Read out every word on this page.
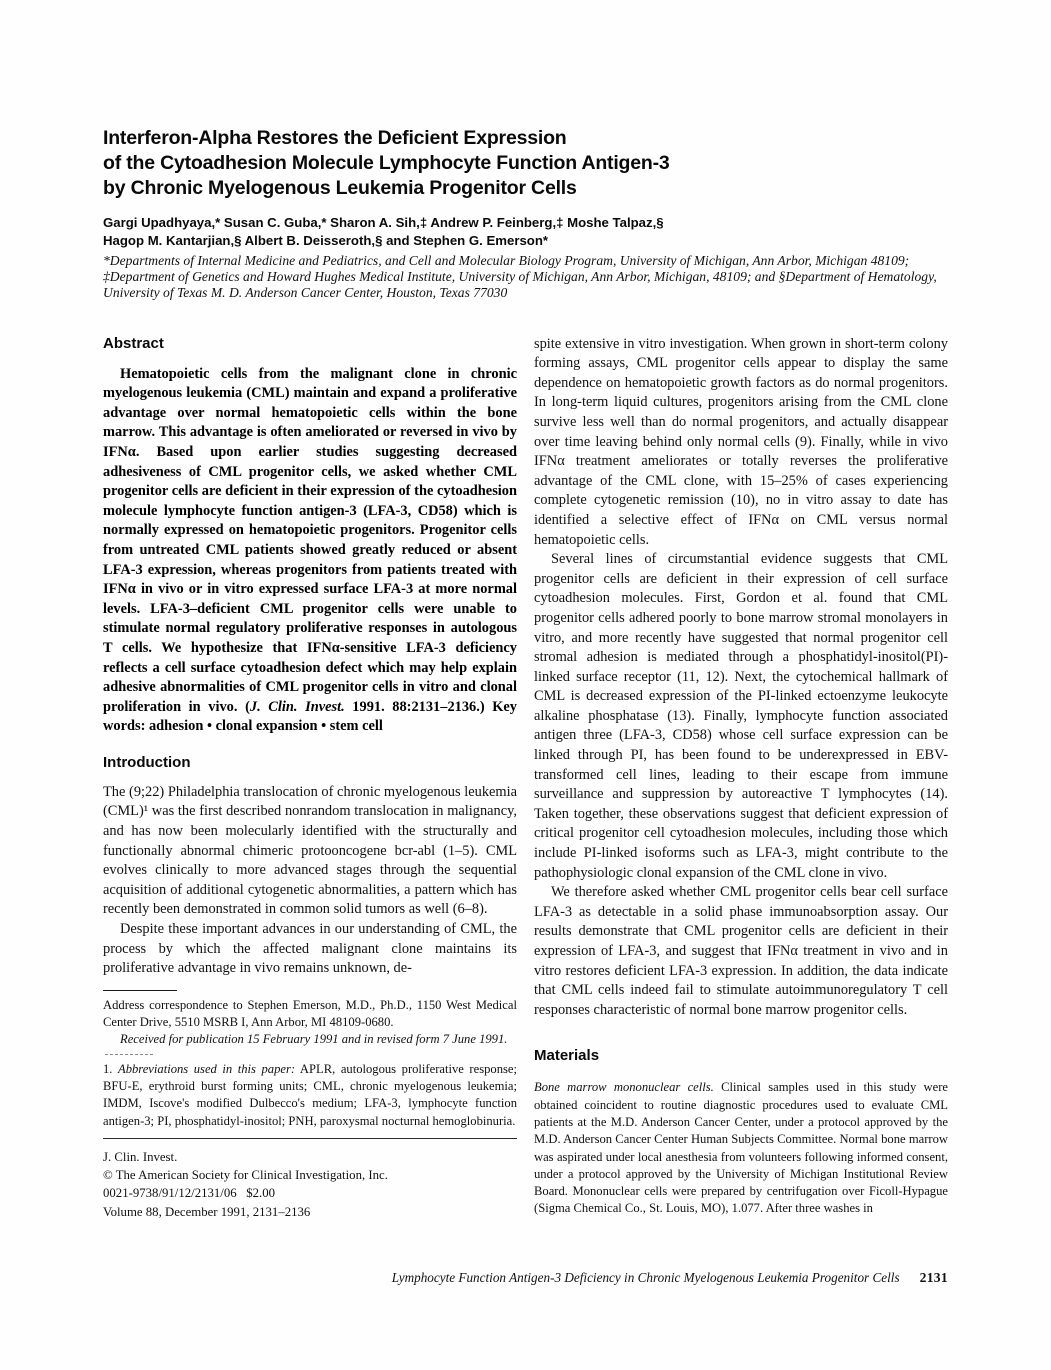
Interferon-Alpha Restores the Deficient Expression
of the Cytoadhesion Molecule Lymphocyte Function Antigen-3
by Chronic Myelogenous Leukemia Progenitor Cells
Gargi Upadhyaya,* Susan C. Guba,* Sharon A. Sih,‡ Andrew P. Feinberg,‡ Moshe Talpaz,§
Hagop M. Kantarjian,§ Albert B. Deisseroth,§ and Stephen G. Emerson*
*Departments of Internal Medicine and Pediatrics, and Cell and Molecular Biology Program, University of Michigan, Ann Arbor, Michigan 48109; ‡Department of Genetics and Howard Hughes Medical Institute, University of Michigan, Ann Arbor, Michigan, 48109; and §Department of Hematology, University of Texas M. D. Anderson Cancer Center, Houston, Texas 77030
Abstract

Hematopoietic cells from the malignant clone in chronic myelogenous leukemia (CML) maintain and expand a proliferative advantage over normal hematopoietic cells within the bone marrow. This advantage is often ameliorated or reversed in vivo by IFNα. Based upon earlier studies suggesting decreased adhesiveness of CML progenitor cells, we asked whether CML progenitor cells are deficient in their expression of the cytoadhesion molecule lymphocyte function antigen-3 (LFA-3, CD58) which is normally expressed on hematopoietic progenitors. Progenitor cells from untreated CML patients showed greatly reduced or absent LFA-3 expression, whereas progenitors from patients treated with IFNα in vivo or in vitro expressed surface LFA-3 at more normal levels. LFA-3–deficient CML progenitor cells were unable to stimulate normal regulatory proliferative responses in autologous T cells. We hypothesize that IFNα-sensitive LFA-3 deficiency reflects a cell surface cytoadhesion defect which may help explain adhesive abnormalities of CML progenitor cells in vitro and clonal proliferation in vivo. (J. Clin. Invest. 1991. 88:2131–2136.) Key words: adhesion • clonal expansion • stem cell

Introduction

The (9;22) Philadelphia translocation of chronic myelogenous leukemia (CML)¹ was the first described nonrandom translocation in malignancy, and has now been molecularly identified with the structurally and functionally abnormal chimeric protooncogene bcr-abl (1–5). CML evolves clinically to more advanced stages through the sequential acquisition of additional cytogenetic abnormalities, a pattern which has recently been demonstrated in common solid tumors as well (6–8).

Despite these important advances in our understanding of CML, the process by which the affected malignant clone maintains its proliferative advantage in vivo remains unknown, de-

Address correspondence to Stephen Emerson, M.D., Ph.D., 1150 West Medical Center Drive, 5510 MSRB I, Ann Arbor, MI 48109-0680.

Received for publication 15 February 1991 and in revised form 7 June 1991.

1. Abbreviations used in this paper: APLR, autologous proliferative response; BFU-E, erythroid burst forming units; CML, chronic myelogenous leukemia; IMDM, Iscove's modified Dulbecco's medium; LFA-3, lymphocyte function antigen-3; PI, phosphatidyl-inositol; PNH, paroxysmal nocturnal hemoglobinuria.

J. Clin. Invest.
© The American Society for Clinical Investigation, Inc.
0021-9738/91/12/2131/06   $2.00
Volume 88, December 1991, 2131–2136

spite extensive in vitro investigation. When grown in short-term colony forming assays, CML progenitor cells appear to display the same dependence on hematopoietic growth factors as do normal progenitors. In long-term liquid cultures, progenitors arising from the CML clone survive less well than do normal progenitors, and actually disappear over time leaving behind only normal cells (9). Finally, while in vivo IFNα treatment ameliorates or totally reverses the proliferative advantage of the CML clone, with 15–25% of cases experiencing complete cytogenetic remission (10), no in vitro assay to date has identified a selective effect of IFNα on CML versus normal hematopoietic cells.

Several lines of circumstantial evidence suggests that CML progenitor cells are deficient in their expression of cell surface cytoadhesion molecules. First, Gordon et al. found that CML progenitor cells adhered poorly to bone marrow stromal monolayers in vitro, and more recently have suggested that normal progenitor cell stromal adhesion is mediated through a phosphatidyl-inositol(PI)-linked surface receptor (11, 12). Next, the cytochemical hallmark of CML is decreased expression of the PI-linked ectoenzyme leukocyte alkaline phosphatase (13). Finally, lymphocyte function associated antigen three (LFA-3, CD58) whose cell surface expression can be linked through PI, has been found to be underexpressed in EBV-transformed cell lines, leading to their escape from immune surveillance and suppression by autoreactive T lymphocytes (14). Taken together, these observations suggest that deficient expression of critical progenitor cell cytoadhesion molecules, including those which include PI-linked isoforms such as LFA-3, might contribute to the pathophysiologic clonal expansion of the CML clone in vivo.

We therefore asked whether CML progenitor cells bear cell surface LFA-3 as detectable in a solid phase immunoabsorption assay. Our results demonstrate that CML progenitor cells are deficient in their expression of LFA-3, and suggest that IFNα treatment in vivo and in vitro restores deficient LFA-3 expression. In addition, the data indicate that CML cells indeed fail to stimulate autoimmunoregulatory T cell responses characteristic of normal bone marrow progenitor cells.

Materials

Bone marrow mononuclear cells. Clinical samples used in this study were obtained coincident to routine diagnostic procedures used to evaluate CML patients at the M.D. Anderson Cancer Center, under a protocol approved by the M.D. Anderson Cancer Center Human Subjects Committee. Normal bone marrow was aspirated under local anesthesia from volunteers following informed consent, under a protocol approved by the University of Michigan Institutional Review Board. Mononuclear cells were prepared by centrifugation over Ficoll-Hypague (Sigma Chemical Co., St. Louis, MO), 1.077. After three washes in

Lymphocyte Function Antigen-3 Deficiency in Chronic Myelogenous Leukemia Progenitor Cells 2131
